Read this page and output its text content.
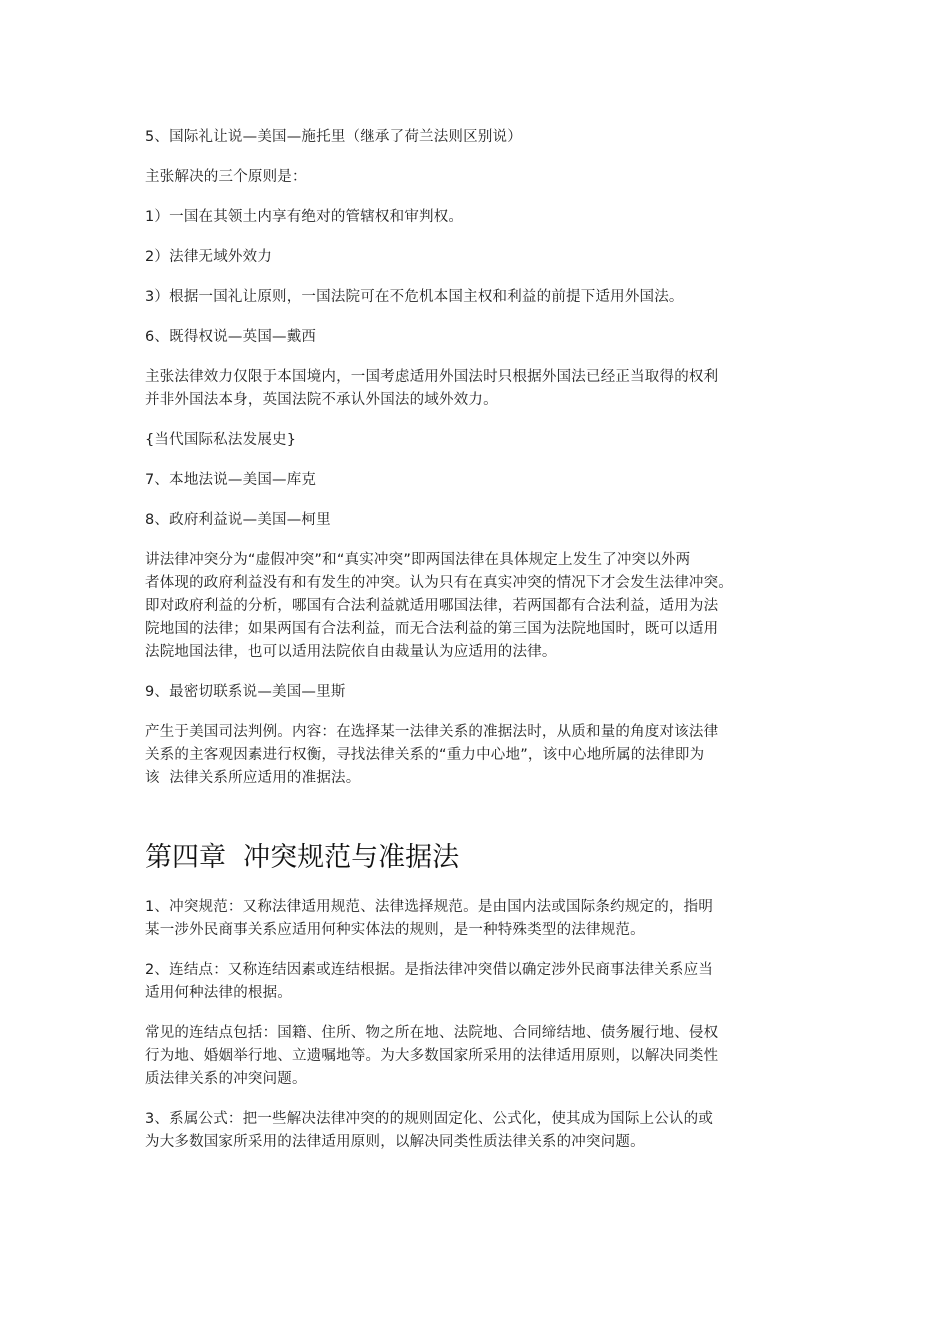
5、国际礼让说—美国—施托里（继承了荷兰法则区别说）

主张解决的三个原则是：

1）一国在其领土内享有绝对的管辖权和审判权。

2）法律无域外效力

3）根据一国礼让原则，一国法院可在不危机本国主权和利益的前提下适用外国法。

6、既得权说—英国—戴西

主张法律效力仅限于本国境内，一国考虑适用外国法时只根据外国法已经正当取得的权利
并非外国法本身，英国法院不承认外国法的域外效力。

{当代国际私法发展史}

7、本地法说—美国—库克

8、政府利益说—美国—柯里

讲法律冲突分为“虚假冲突”和“真实冲突”即两国法律在具体规定上发生了冲突以外两
者体现的政府利益没有和有发生的冲突。认为只有在真实冲突的情况下才会发生法律冲突。
即对政府利益的分析，哪国有合法利益就适用哪国法律，若两国都有合法利益，适用为法
院地国的法律；如果两国有合法利益，而无合法利益的第三国为法院地国时，既可以适用
法院地国法律，也可以适用法院依自由裁量认为应适用的法律。

9、最密切联系说—美国—里斯

产生于美国司法判例。内容：在选择某一法律关系的准据法时，从质和量的角度对该法律
关系的主客观因素进行权衡，寻找法律关系的“重力中心地”，该中心地所属的法律即为
该  法律关系所应适用的准据法。

第四章  冲突规范与准据法

1、冲突规范：又称法律适用规范、法律选择规范。是由国内法或国际条约规定的，指明
某一涉外民商事关系应适用何种实体法的规则，是一种特殊类型的法律规范。

2、连结点：又称连结因素或连结根据。是指法律冲突借以确定涉外民商事法律关系应当
适用何种法律的根据。

常见的连结点包括：国籍、住所、物之所在地、法院地、合同缔结地、债务履行地、侵权
行为地、婚姻举行地、立遗嘱地等。为大多数国家所采用的法律适用原则，以解决同类性
质法律关系的冲突问题。

3、系属公式：把一些解决法律冲突的的规则固定化、公式化，使其成为国际上公认的或
为大多数国家所采用的法律适用原则，以解决同类性质法律关系的冲突问题。
